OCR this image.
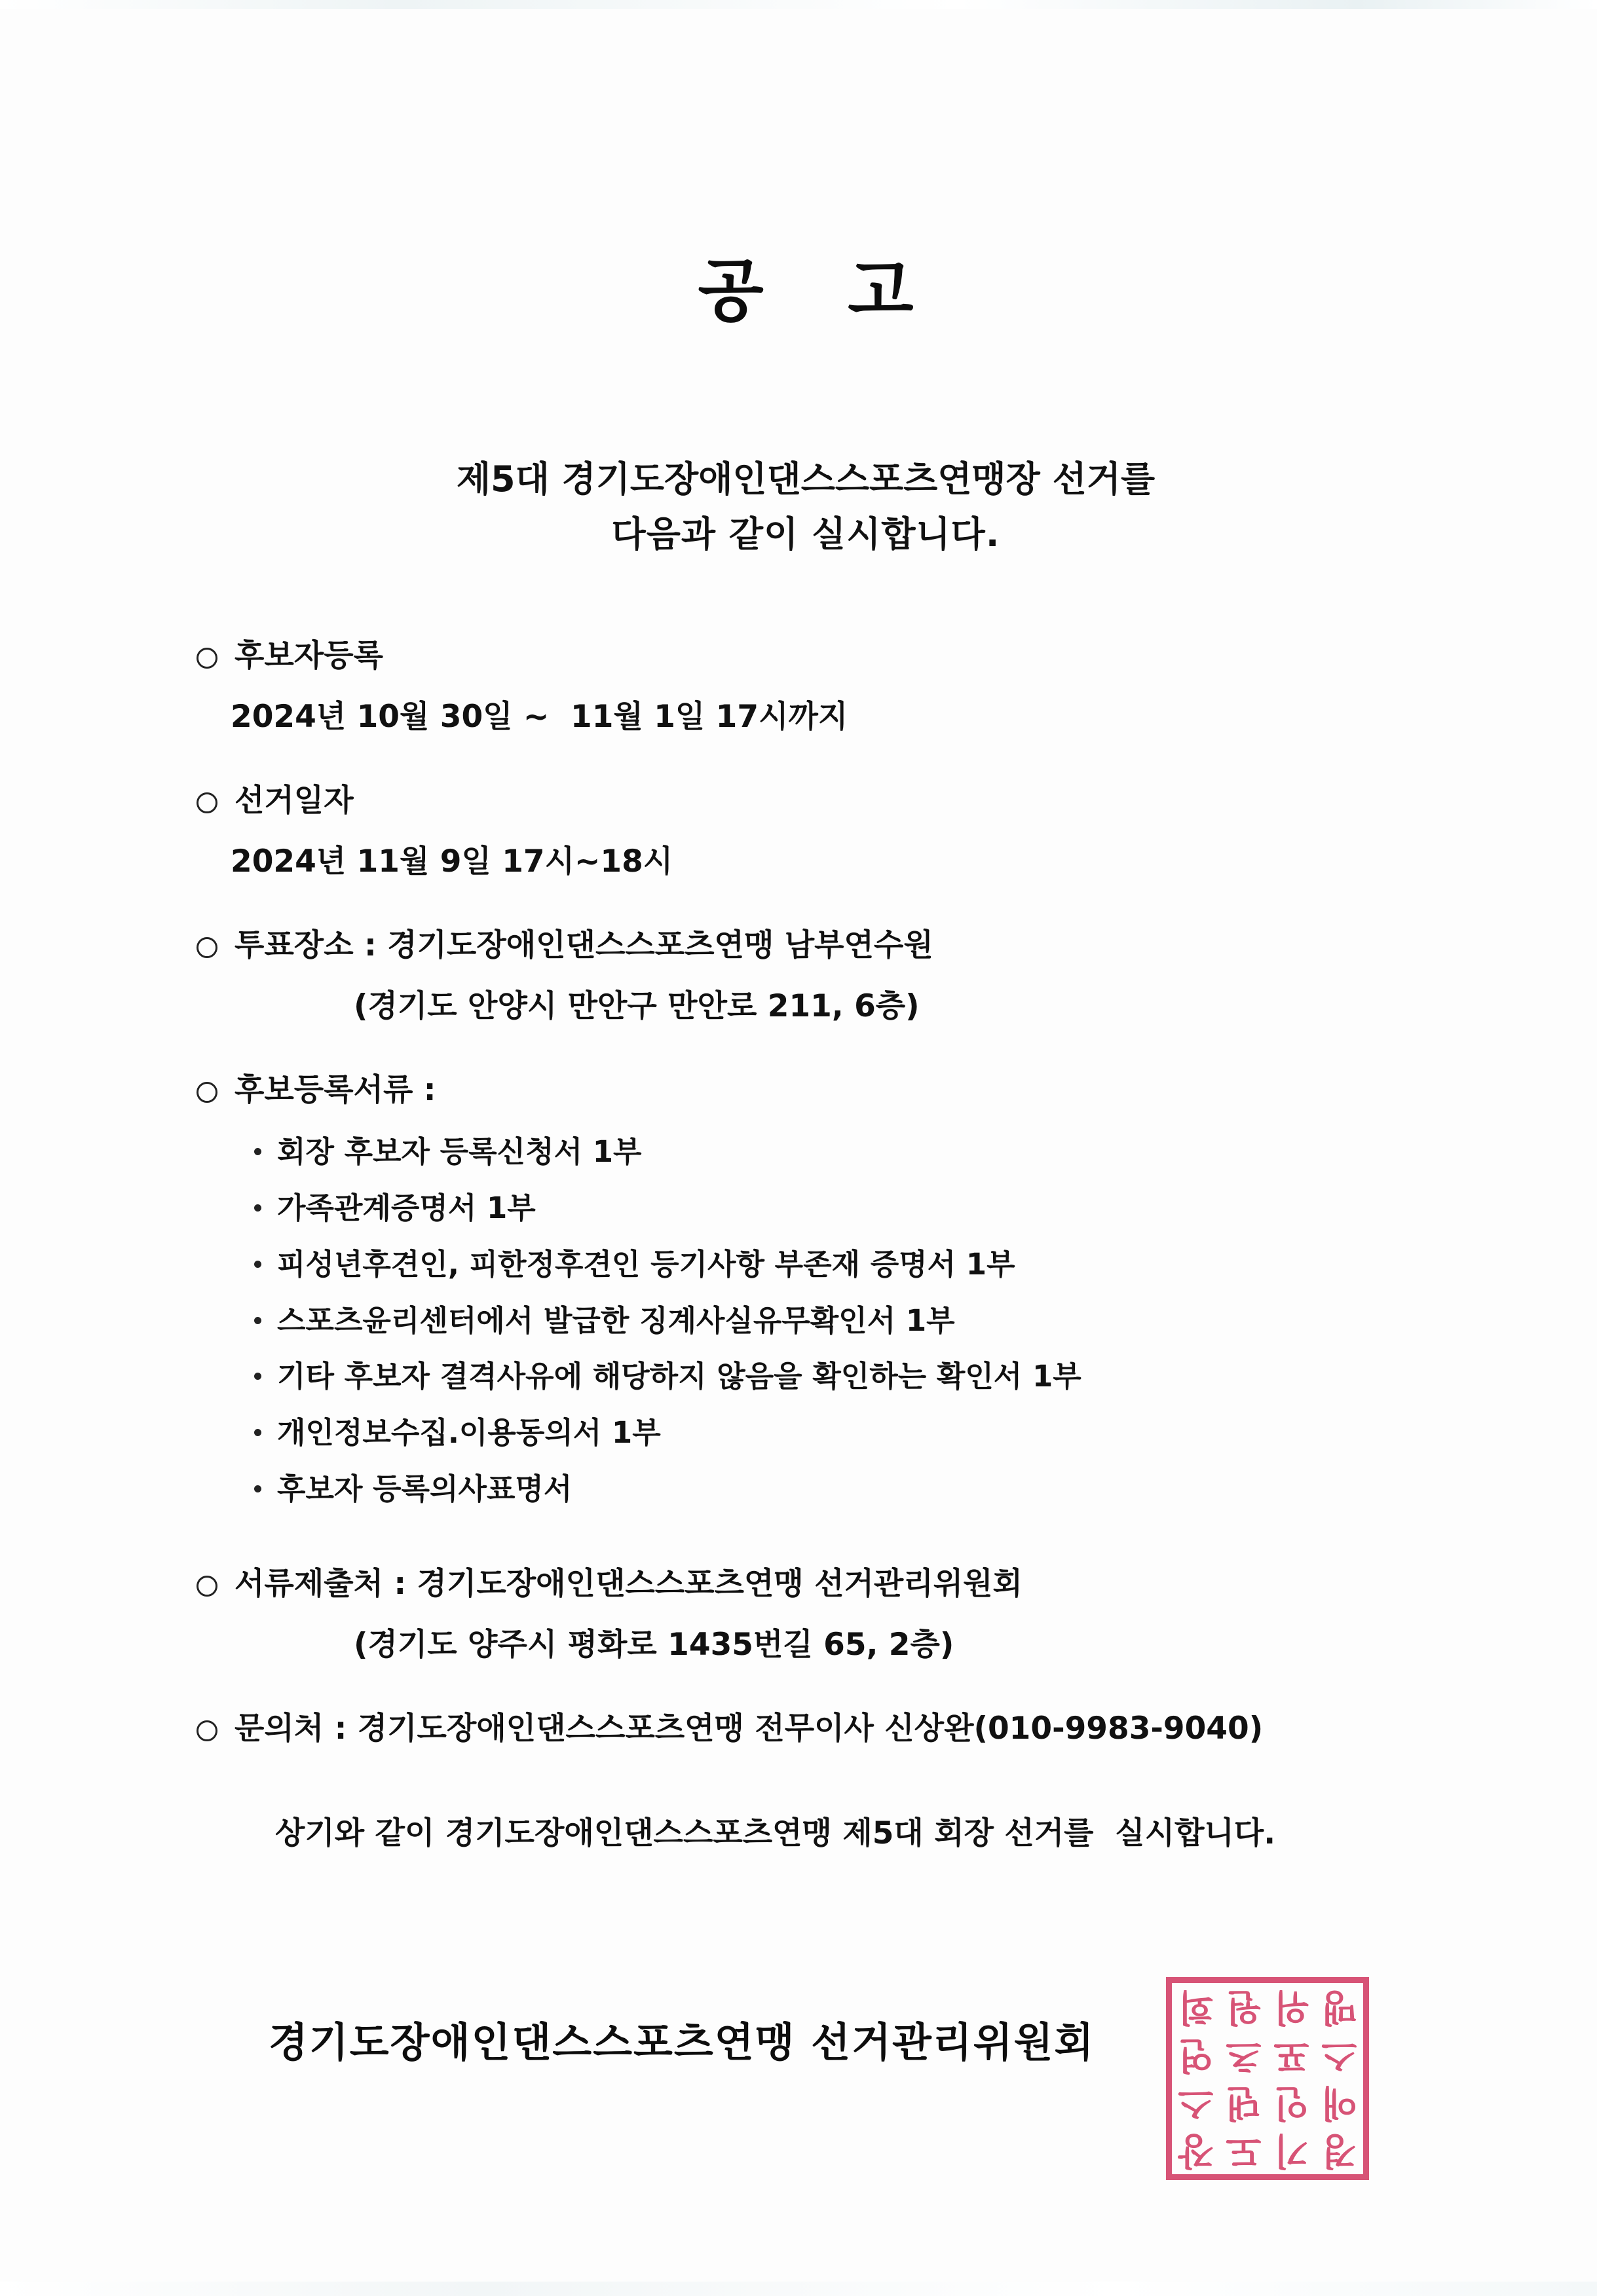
공 고
제5대 경기도장애인댄스스포츠연맹장 선거를
다음과 같이 실시합니다.
후보자등록
2024년 10월 30일 ~  11월 1일 17시까지
선거일자
2024년 11월 9일 17시~18시
투표장소 : 경기도장애인댄스스포츠연맹 남부연수원
(경기도 안양시 만안구 만안로 211, 6층)
후보등록서류 :
회장 후보자 등록신청서 1부
가족관계증명서 1부
피성년후견인, 피한정후견인 등기사항 부존재 증명서 1부
스포츠윤리센터에서 발급한 징계사실유무확인서 1부
기타 후보자 결격사유에 해당하지 않음을 확인하는 확인서 1부
개인정보수집.이용동의서 1부
후보자 등록의사표명서
서류제출처 : 경기도장애인댄스스포츠연맹 선거관리위원회
(경기도 양주시 평화로 1435번길 65, 2층)
문의처 : 경기도장애인댄스스포츠연맹 전무이사 신상완(010-9983-9040)
상기와 같이 경기도장애인댄스스포츠연맹 제5대 회장 선거를  실시합니다.
경기도장애인댄스스포츠연맹 선거관리위원회
경
기
도
장
애
인
댄
스
스
포
츠
연
맹
위
원
회
